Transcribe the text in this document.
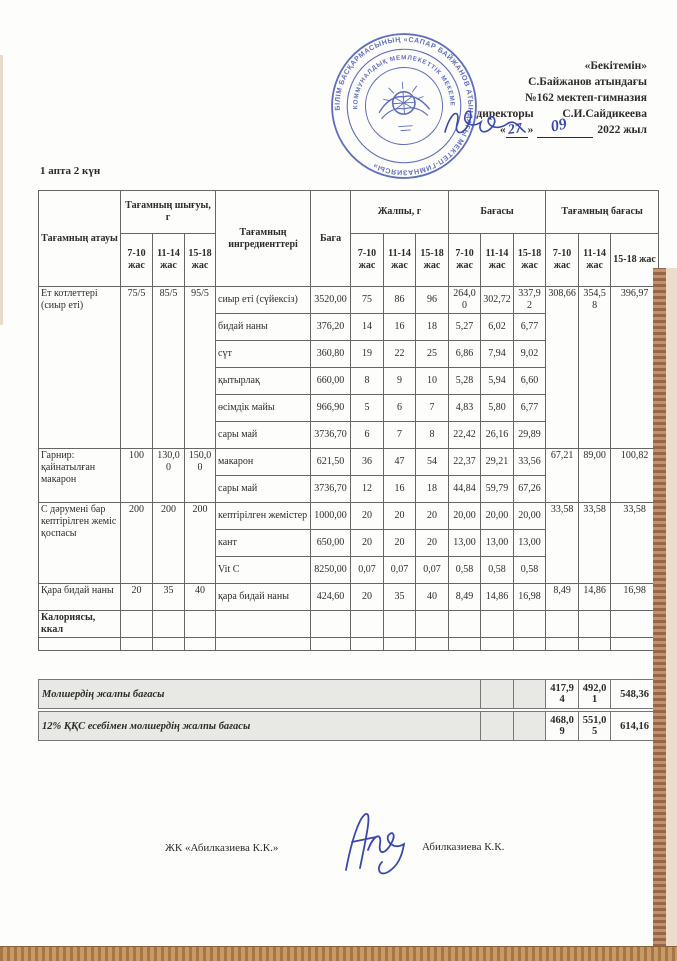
БІЛІМ БАСҚАРМАСЫНЫҢ «САПАР БАЙЖАНОВ АТЫНДАҒЫ МЕКТЕП-ГИМНАЗИЯСЫ»
КОММУНАЛДЫҚ МЕМЛЕКЕТТІК МЕКЕМЕ
«Бекітемін»
С.Байжанов атындағы
№162 мектеп-гимназия
директоры	С.И.Сайдикеева
« 27 » 09 2022 жыл
1 апта 2 күн
Тағамның атауы	Тағамның шығуы, г			Тағамның ингредиенттері	Бага	Жалпы, г			Бағасы			Тағамның бағасы		
	7-10 жас	11-14 жас	15-18 жас			7-10 жас	11-14 жас	15-18 жас	7-10 жас	11-14 жас	15-18 жас	7-10 жас	11-14 жас	15-18 жас
Ет котлеттері (сиыр еті)	75/5	85/5	95/5	сиыр еті (сүйексіз)	3520,00	75	86	96	264,00	302,72	337,92	308,66	354,58	396,97
				бидай наны	376,20	14	16	18	5,27	6,02	6,77			
				сүт	360,80	19	22	25	6,86	7,94	9,02			
				қытырлақ	660,00	8	9	10	5,28	5,94	6,60			
				өсімдік майы	966,90	5	6	7	4,83	5,80	6,77			
				сары май	3736,70	6	7	8	22,42	26,16	29,89			
Гарнир: қайнатылған макарон	100	130,00	150,00	макарон	621,50	36	47	54	22,37	29,21	33,56	67,21	89,00	100,82
				сары май	3736,70	12	16	18	44,84	59,79	67,26			
С дәрумені бар кептірілген жеміс қоспасы	200	200	200	кептірілген жемістер	1000,00	20	20	20	20,00	20,00	20,00	33,58	33,58	33,58
				кант	650,00	20	20	20	13,00	13,00	13,00			
				Vit C	8250,00	0,07	0,07	0,07	0,58	0,58	0,58			
Қара бидай наны	20	35	40	қара бидай наны	424,60	20	35	40	8,49	14,86	16,98	8,49	14,86	16,98
Калориясы, ккал														

Молшердің жалпы бағасы			417,94	492,01	548,36
12% ҚҚС есебімен молшердің жалпы бағасы			468,09	551,05	614,16
ЖК «Абилказиева К.К.»	Абилказиева К.К.
